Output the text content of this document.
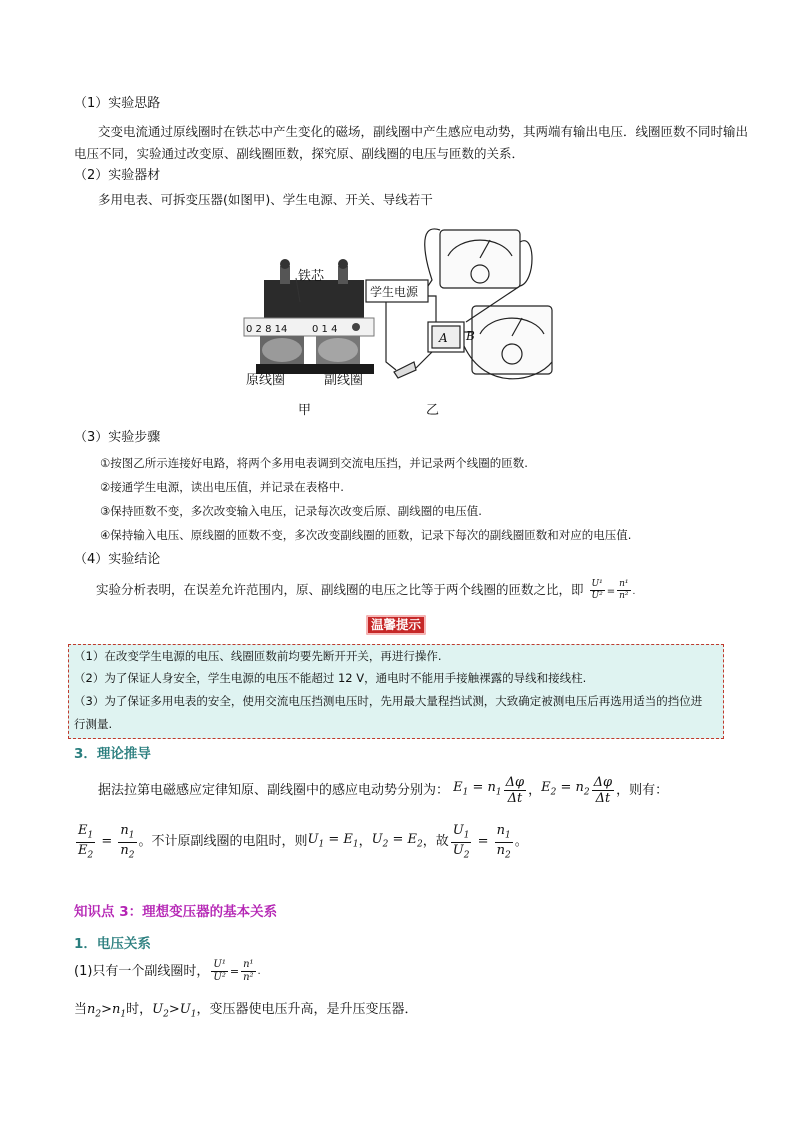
（1）实验思路
交变电流通过原线圈时在铁芯中产生变化的磁场，副线圈中产生感应电动势，其两端有输出电压．线圈匝数不同时输出
电压不同，实验通过改变原、副线圈匝数，探究原、副线圈的电压与匝数的关系．
（2）实验器材
多用电表、可拆变压器(如图甲)、学生电源、开关、导线若干
铁芯
0 2 8 14 0 1 4
原线圈	副线圈
甲
学生电源
A B
乙
（3）实验步骤
①按图乙所示连接好电路，将两个多用电表调到交流电压挡，并记录两个线圈的匝数.
②接通学生电源，读出电压值，并记录在表格中.
③保持匝数不变，多次改变输入电压，记录每次改变后原、副线圈的电压值.
④保持输入电压、原线圈的匝数不变，多次改变副线圈的匝数，记录下每次的副线圈匝数和对应的电压值.
（4）实验结论
实验分析表明，在误差允许范围内，原、副线圈的电压之比等于两个线圈的匝数之比，即 $\frac{\text{U¹}}{\text{U²}} = \frac{\text{n¹}}{\text{n²}}$ .
温馨提示
（1）在改变学生电源的电压、线圈匝数前均要先断开开关，再进行操作.
（2）为了保证人身安全，学生电源的电压不能超过 12 V，通电时不能用手接触裸露的导线和接线柱.
（3）为了保证多用电表的安全，使用交流电压挡测电压时，先用最大量程挡试测，大致确定被测电压后再选用适当的挡位进
行测量.
3．理论推导
据法拉第电磁感应定律知原、副线圈中的感应电动势分别为： $E_1 = n_1 \frac{\Delta\varphi}{\Delta t}$ ， $E_2 = n_2 \frac{\Delta\varphi}{\Delta t}$ ，则有：
$\frac{E_1}{E_2} = \frac{n_1}{n_2}$ 。不计原副线圈的电阻时，则 $U_1 = E_1$ ， $U_2 = E_2$ ，故 $\frac{U_1}{U_2} = \frac{n_1}{n_2}$ 。
知识点 3：理想变压器的基本关系
1．电压关系
(1)只有一个副线圈时， $\frac{\text{U¹}}{\text{U²}} = \frac{\text{n¹}}{\text{n²}}$ .
当$n_2>n_1$时，$U_2>U_1$，变压器使电压升高，是升压变压器．
